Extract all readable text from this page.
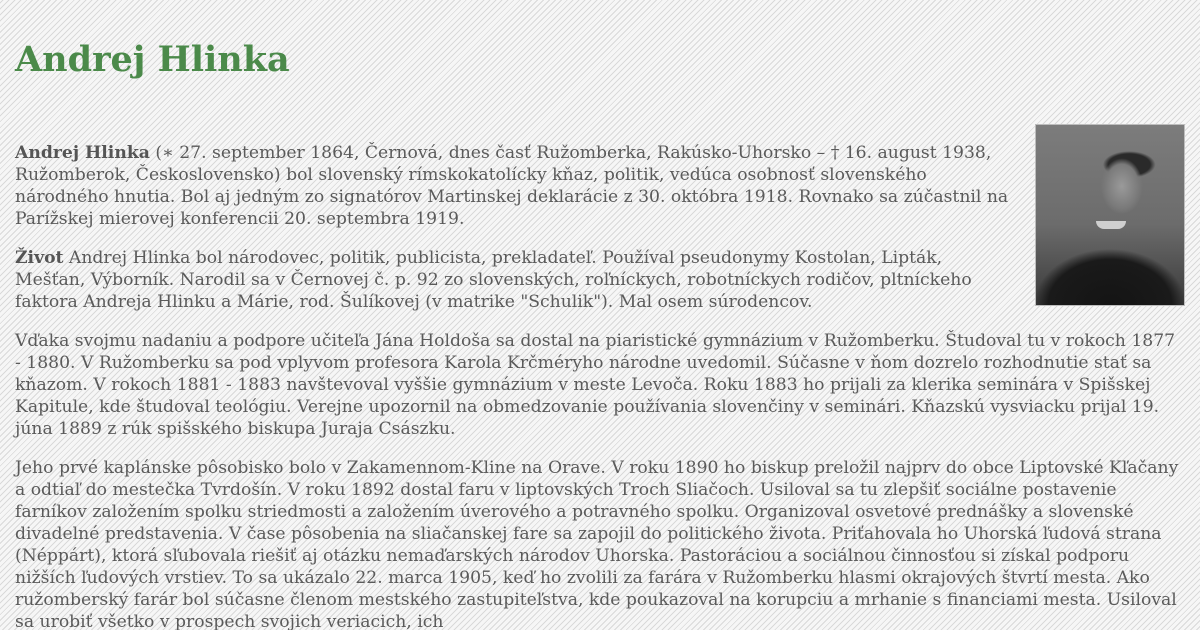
Andrej Hlinka

Andrej Hlinka (∗ 27. september 1864, Černová, dnes časť Ružomberka, Rakúsko-Uhorsko – † 16. august 1938, Ružomberok, Československo) bol slovenský rímskokatolícky kňaz, politik, vedúca osobnosť slovenského národného hnutia. Bol aj jedným zo signatórov Martinskej deklarácie z 30. októbra 1918. Rovnako sa zúčastnil na Parížskej mierovej konferencii 20. septembra 1919.

Život Andrej Hlinka bol národovec, politik, publicista, prekladateľ. Používal pseudonymy Kostolan, Lipták, Mešťan, Výborník. Narodil sa v Černovej č. p. 92 zo slovenských, roľníckych, robotníckych rodičov, pltníckeho faktora Andreja Hlinku a Márie, rod. Šulíkovej (v matrike "Schulik"). Mal osem súrodencov.

Vďaka svojmu nadaniu a podpore učiteľa Jána Holdoša sa dostal na piaristické gymnázium v Ružomberku. Študoval tu v rokoch 1877 - 1880. V Ružomberku sa pod vplyvom profesora Karola Krčméryho národne uvedomil. Súčasne v ňom dozrelo rozhodnutie stať sa kňazom. V rokoch 1881 - 1883 navštevoval vyššie gymnázium v meste Levoča. Roku 1883 ho prijali za klerika seminára v Spišskej Kapitule, kde študoval teológiu. Verejne upozornil na obmedzovanie používania slovenčiny v seminári. Kňazskú vysviacku prijal 19. júna 1889 z rúk spišského biskupa Juraja Császku.

Jeho prvé kaplánske pôsobisko bolo v Zakamennom-Kline na Orave. V roku 1890 ho biskup preložil najprv do obce Liptovské Kľačany a odtiaľ do mestečka Tvrdošín. V roku 1892 dostal faru v liptovských Troch Sliačoch. Usiloval sa tu zlepšiť sociálne postavenie farníkov založením spolku striedmosti a založením úverového a potravného spolku. Organizoval osvetové prednášky a slovenské divadelné predstavenia. V čase pôsobenia na sliačanskej fare sa zapojil do politického života. Priťahovala ho Uhorská ľudová strana (Néppárt), ktorá sľubovala riešiť aj otázku nemaďarských národov Uhorska. Pastoráciou a sociálnou činnosťou si získal podporu nižších ľudových vrstiev. To sa ukázalo 22. marca 1905, keď ho zvolili za farára v Ružomberku hlasmi okrajových štvrtí mesta. Ako ružomberský farár bol súčasne členom mestského zastupiteľstva, kde poukazoval na korupciu a mrhanie s financiami mesta. Usiloval sa urobiť všetko v prospech svojich veriacich, ich
